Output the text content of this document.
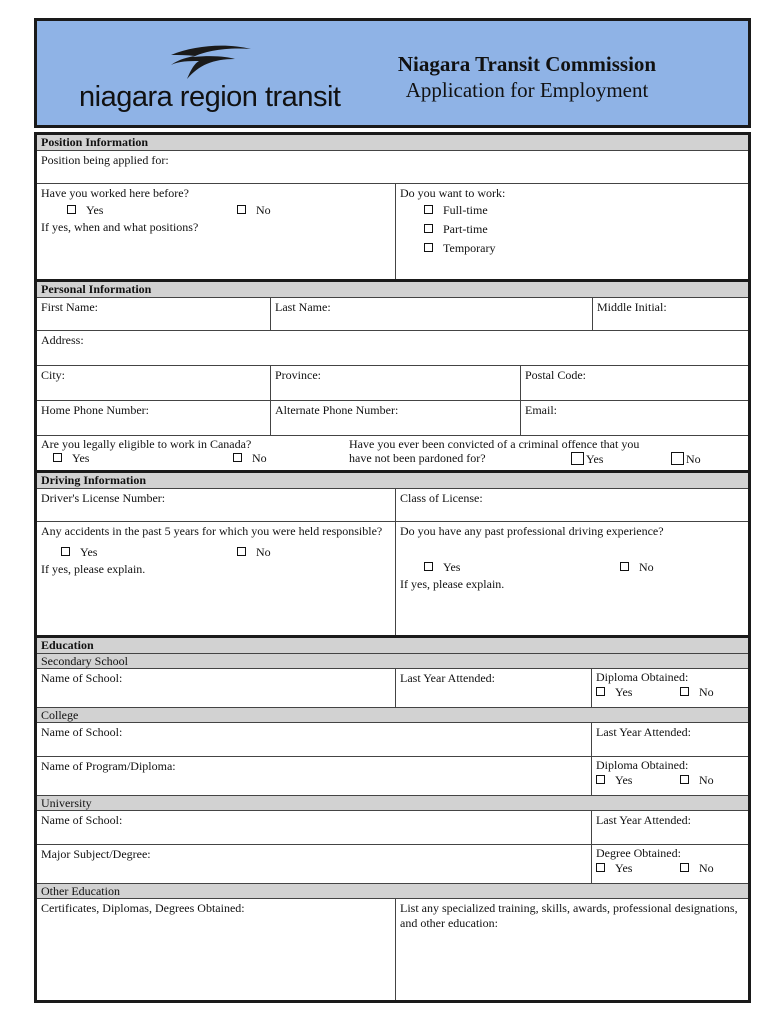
niagara region transit
Niagara Transit Commission
Application for Employment
Position Information
Position being applied for:
Have you worked here before?
Yes	No
If yes, when and what positions?
Do you want to work:
Full-time
Part-time
Temporary
Personal Information
First Name:	Last Name:	Middle Initial:
Address:
City:	Province:	Postal Code:
Home Phone Number:	Alternate Phone Number:	Email:
Are you legally eligible to work in Canada?
Yes	No
Have you ever been convicted of a criminal offence that you
have not been pardoned for?	Yes	No
Driving Information
Driver's License Number:	Class of License:
Any accidents in the past 5 years for which you were held responsible?
Yes	No
If yes, please explain.
Do you have any past professional driving experience?
Yes	No
If yes, please explain.
Education
Secondary School
Name of School:	Last Year Attended:	Diploma Obtained:
Yes	No
College
Name of School:	Last Year Attended:
Name of Program/Diploma:	Diploma Obtained:
Yes	No
University
Name of School:	Last Year Attended:
Major Subject/Degree:	Degree Obtained:
Yes	No
Other Education
Certificates, Diplomas, Degrees Obtained:	List any specialized training, skills, awards, professional designations, and other education:
